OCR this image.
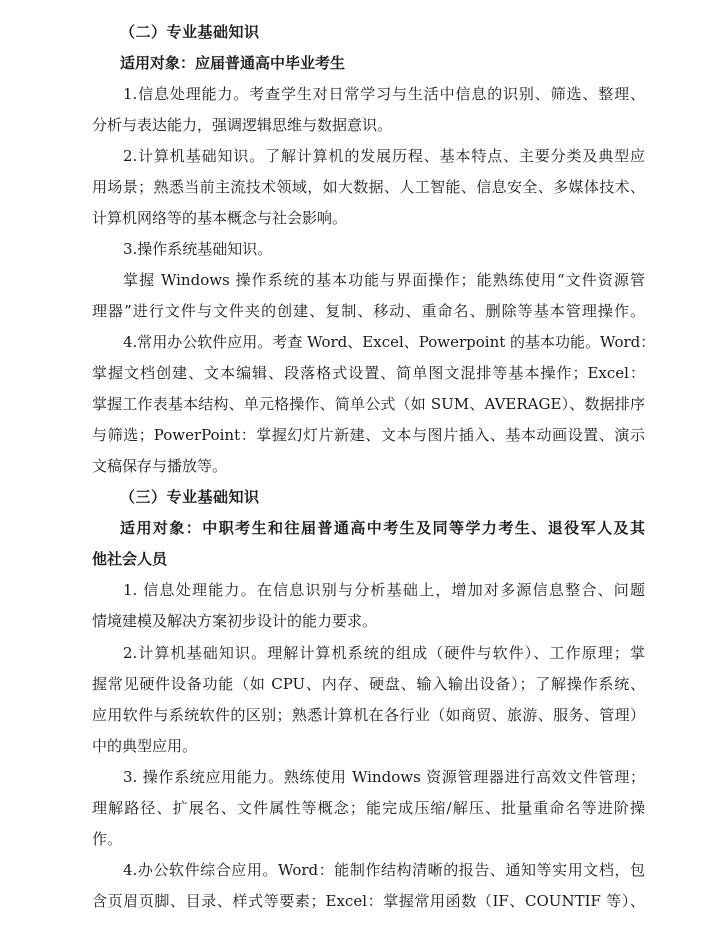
（二）专业基础知识
适用对象：应届普通高中毕业考生
1.信息处理能力。考查学生对日常学习与生活中信息的识别、筛选、整理、
分析与表达能力，强调逻辑思维与数据意识。
2.计算机基础知识。了解计算机的发展历程、基本特点、主要分类及典型应
用场景；熟悉当前主流技术领域，如大数据、人工智能、信息安全、多媒体技术、
计算机网络等的基本概念与社会影响。
3.操作系统基础知识。
掌握 Windows 操作系统的基本功能与界面操作；能熟练使用“文件资源管
理器”进行文件与文件夹的创建、复制、移动、重命名、删除等基本管理操作。
4.常用办公软件应用。考查 Word、Excel、Powerpoint 的基本功能。Word：
掌握文档创建、文本编辑、段落格式设置、简单图文混排等基本操作；Excel：
掌握工作表基本结构、单元格操作、简单公式（如 SUM、AVERAGE）、数据排序
与筛选；PowerPoint：掌握幻灯片新建、文本与图片插入、基本动画设置、演示
文稿保存与播放等。
（三）专业基础知识
适用对象：中职考生和往届普通高中考生及同等学力考生、退役军人及其
他社会人员
1. 信息处理能力。在信息识别与分析基础上，增加对多源信息整合、问题
情境建模及解决方案初步设计的能力要求。
2.计算机基础知识。理解计算机系统的组成（硬件与软件）、工作原理；掌
握常见硬件设备功能（如 CPU、内存、硬盘、输入输出设备）；了解操作系统、
应用软件与系统软件的区别；熟悉计算机在各行业（如商贸、旅游、服务、管理）
中的典型应用。
3. 操作系统应用能力。熟练使用 Windows 资源管理器进行高效文件管理；
理解路径、扩展名、文件属性等概念；能完成压缩/解压、批量重命名等进阶操
作。
4.办公软件综合应用。Word：能制作结构清晰的报告、通知等实用文档，包
含页眉页脚、目录、样式等要素；Excel：掌握常用函数（IF、COUNTIF 等）、
